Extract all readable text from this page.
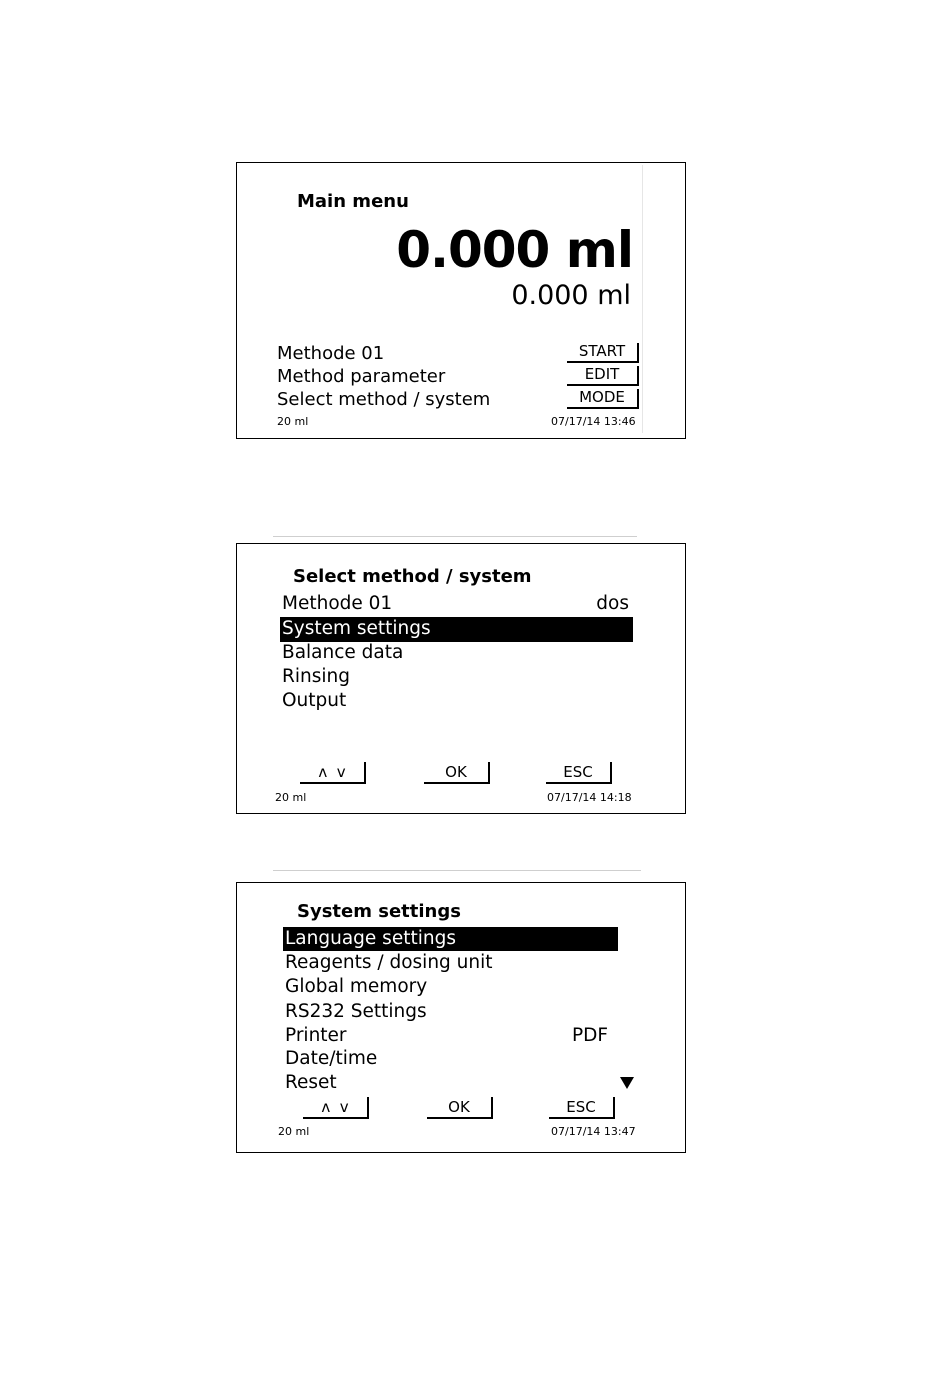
Main menu
0.000 ml
0.000 ml
Methode 01
Method parameter
Select method / system
START
EDIT
MODE
20 ml	07/17/14 13:46
Select method / system
Methode 01	dos
System settings
Balance data
Rinsing
Output
ʌ v	OK	ESC
20 ml	07/17/14 14:18
System settings
Language settings
Reagents / dosing unit
Global memory
RS232 Settings
Printer	PDF
Date/time
Reset
ʌ v	OK	ESC
20 ml	07/17/14 13:47
